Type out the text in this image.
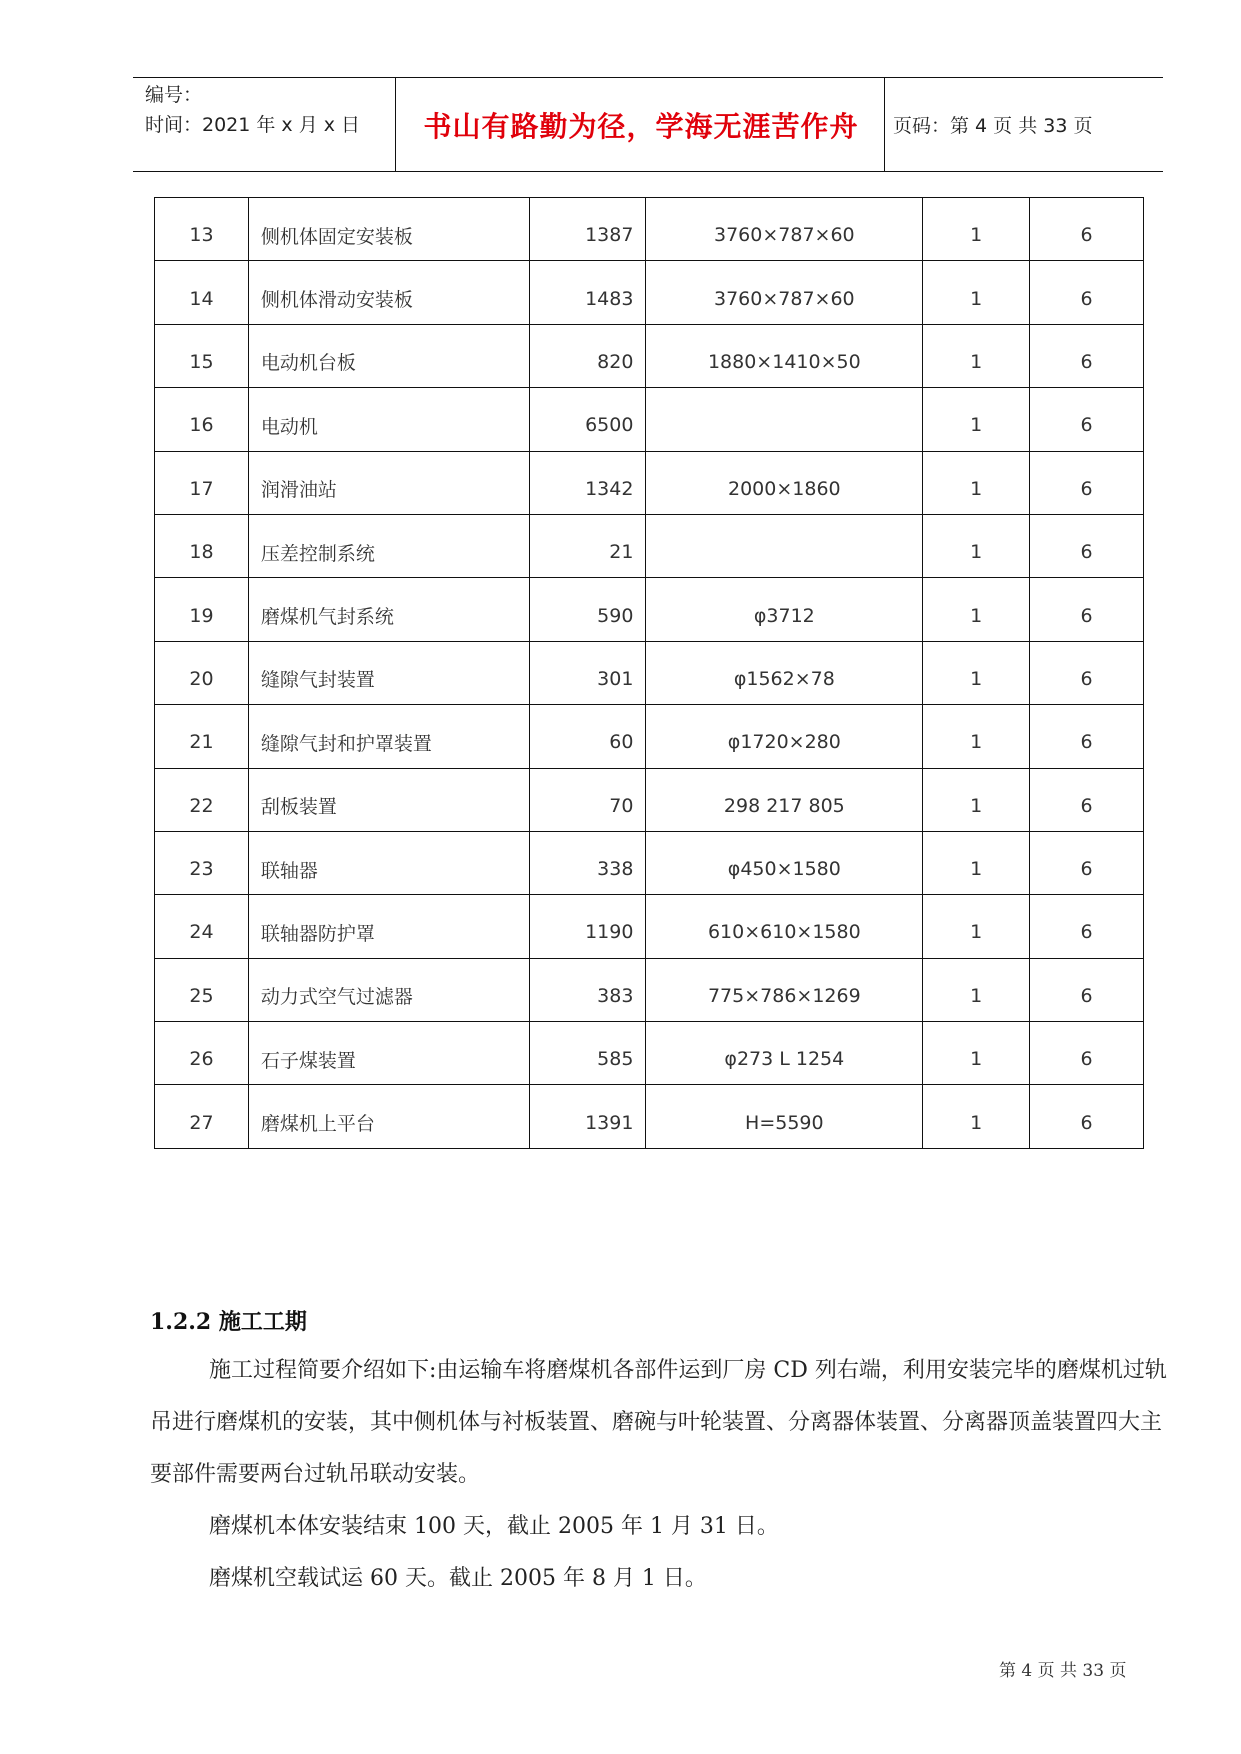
编号：
时间：2021 年 x 月 x 日	书山有路勤为径，学海无涯苦作舟	页码：第 4 页 共 33 页
13	侧机体固定安装板	1387	3760×787×60	1	6
14	侧机体滑动安装板	1483	3760×787×60	1	6
15	电动机台板	820	1880×1410×50	1	6
16	电动机	6500		1	6
17	润滑油站	1342	2000×1860	1	6
18	压差控制系统	21		1	6
19	磨煤机气封系统	590	φ3712	1	6
20	缝隙气封装置	301	φ1562×78	1	6
21	缝隙气封和护罩装置	60	φ1720×280	1	6
22	刮板装置	70	298 217 805	1	6
23	联轴器	338	φ450×1580	1	6
24	联轴器防护罩	1190	610×610×1580	1	6
25	动力式空气过滤器	383	775×786×1269	1	6
26	石子煤装置	585	φ273 L 1254	1	6
27	磨煤机上平台	1391	H=5590	1	6
1.2.2 施工工期
施工过程简要介绍如下:由运输车将磨煤机各部件运到厂房 CD 列右端，利用安装完毕的磨煤机过轨吊进行磨煤机的安装，其中侧机体与衬板装置、磨碗与叶轮装置、分离器体装置、分离器顶盖装置四大主要部件需要两台过轨吊联动安装。
磨煤机本体安装结束 100 天，截止 2005 年 1 月 31 日。
磨煤机空载试运 60 天。截止 2005 年 8 月 1 日。
第 4 页 共 33 页
